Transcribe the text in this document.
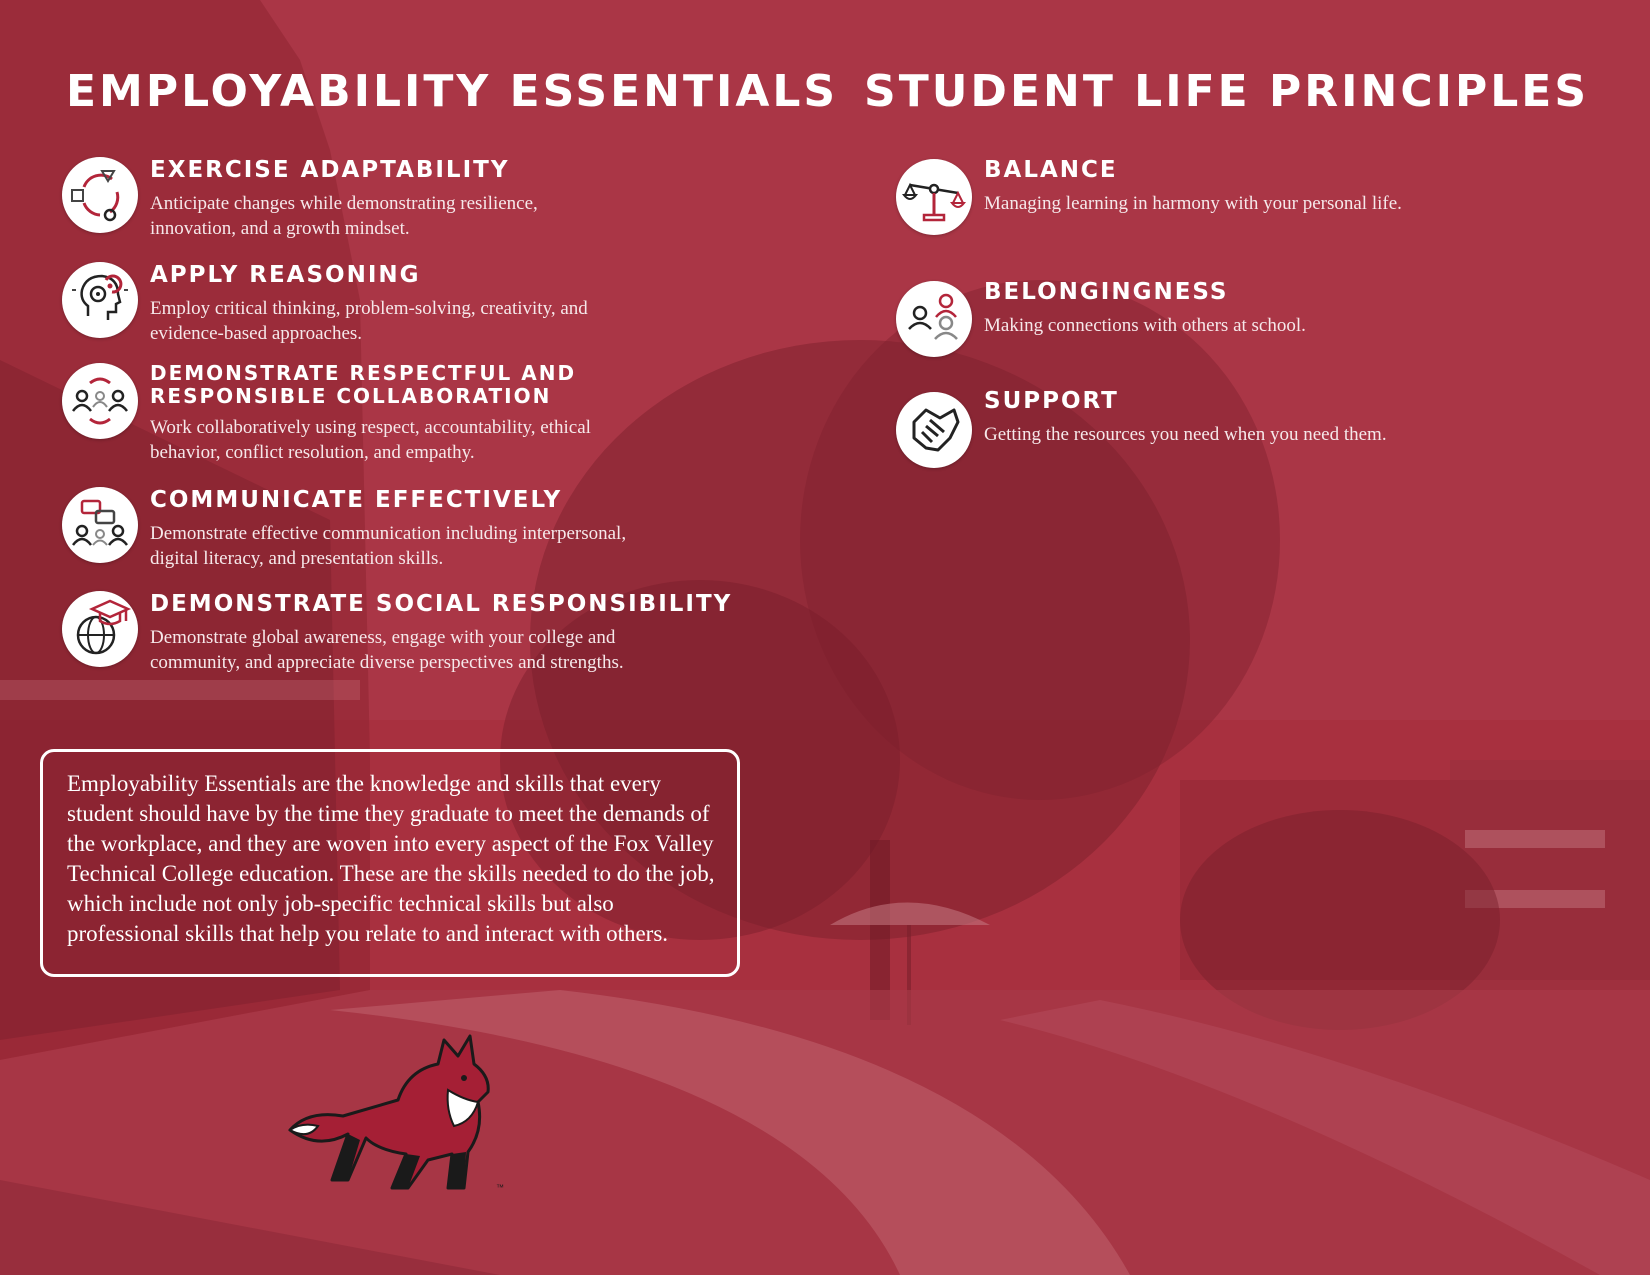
EMPLOYABILITY ESSENTIALS
EXERCISE ADAPTABILITY

Anticipate changes while demonstrating resilience, innovation, and a growth mindset.

APPLY REASONING

Employ critical thinking, problem-solving, creativity, and evidence-based approaches.

DEMONSTRATE RESPECTFUL AND RESPONSIBLE COLLABORATION

Work collaboratively using respect, accountability, ethical behavior, conflict resolution, and empathy.

COMMUNICATE EFFECTIVELY

Demonstrate effective communication including interpersonal, digital literacy, and presentation skills.

DEMONSTRATE SOCIAL RESPONSIBILITY

Demonstrate global awareness, engage with your college and community, and appreciate diverse perspectives and strengths.

Employability Essentials are the knowledge and skills that every student should have by the time they graduate to meet the demands of the workplace, and they are woven into every aspect of the Fox Valley Technical College education. These are the skills needed to do the job, which include not only job-specific technical skills but also professional skills that help you relate to and interact with others.
STUDENT LIFE PRINCIPLES
BALANCE

Managing learning in harmony with your personal life.

BELONGINGNESS

Making connections with others at school.

SUPPORT

Getting the resources you need when you need them.

™
